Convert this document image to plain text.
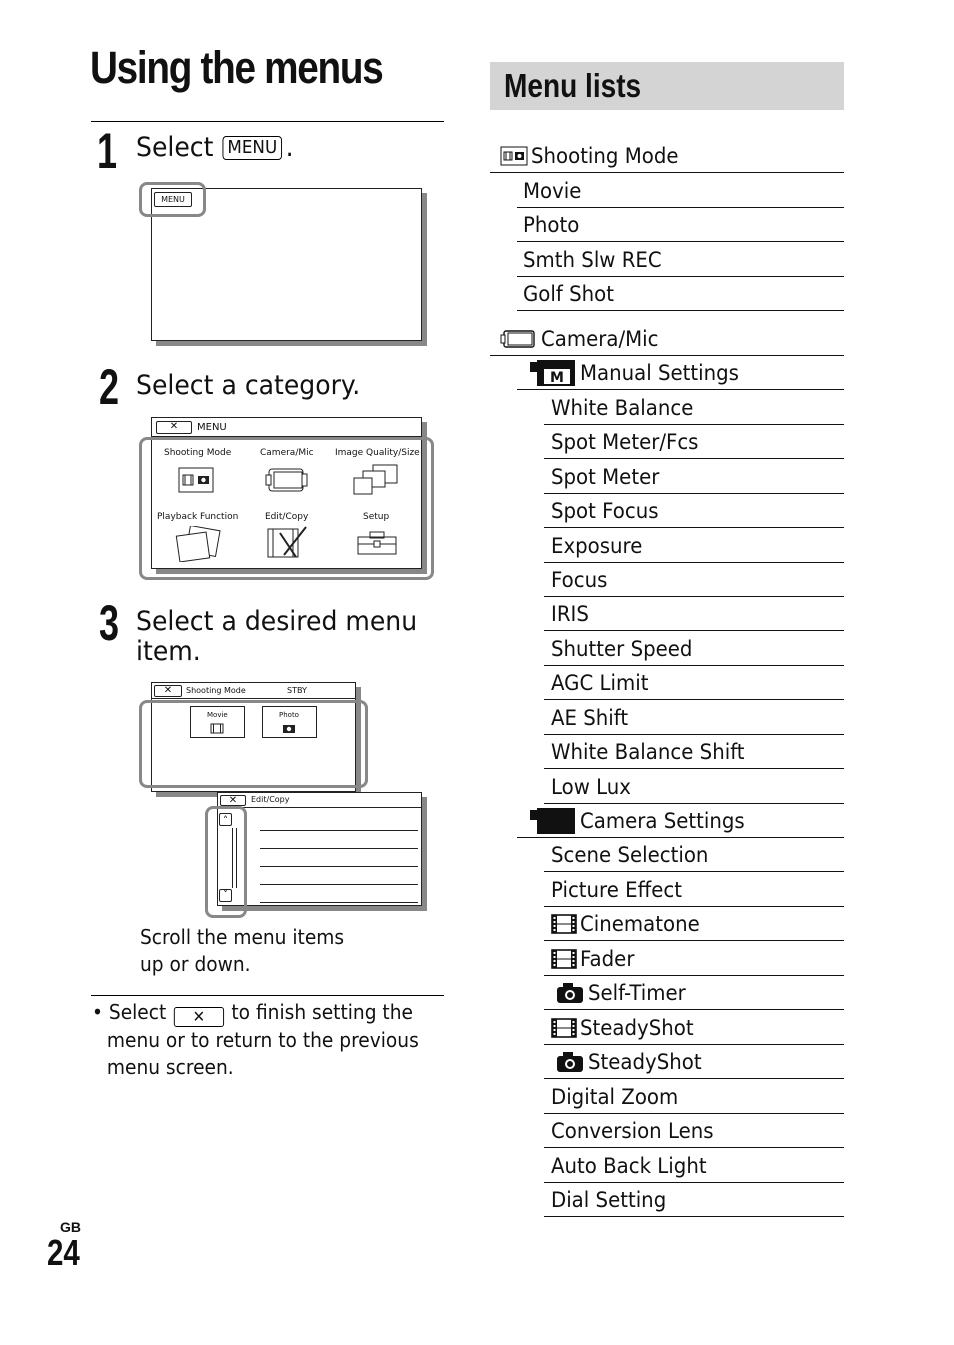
Using the menus
1 Select MENU .
MENU
2 Select a category.
✕	MENU
Shooting Mode	Camera/Mic Image Quality/Size
Playback Function	Edit/Copy	Setup
3 Select a desired menu
item.
✕	Shooting Mode	STBY
Movie	Photo
✕	Edit/Copy
˄
˅
Scroll the menu items
up or down.
• Select ✕ to finish setting the
menu or to return to the previous
menu screen.
GB
24
Menu lists
Shooting Mode
Movie
Photo
Smth Slw REC
Golf Shot
Camera/Mic
M Manual Settings
White Balance
Spot Meter/Fcs
Spot Meter
Spot Focus
Exposure
Focus
IRIS
Shutter Speed
AGC Limit
AE Shift
White Balance Shift
Low Lux
Camera Settings
Scene Selection
Picture Effect
Cinematone
Fader
Self-Timer
SteadyShot
SteadyShot
Digital Zoom
Conversion Lens
Auto Back Light
Dial Setting
